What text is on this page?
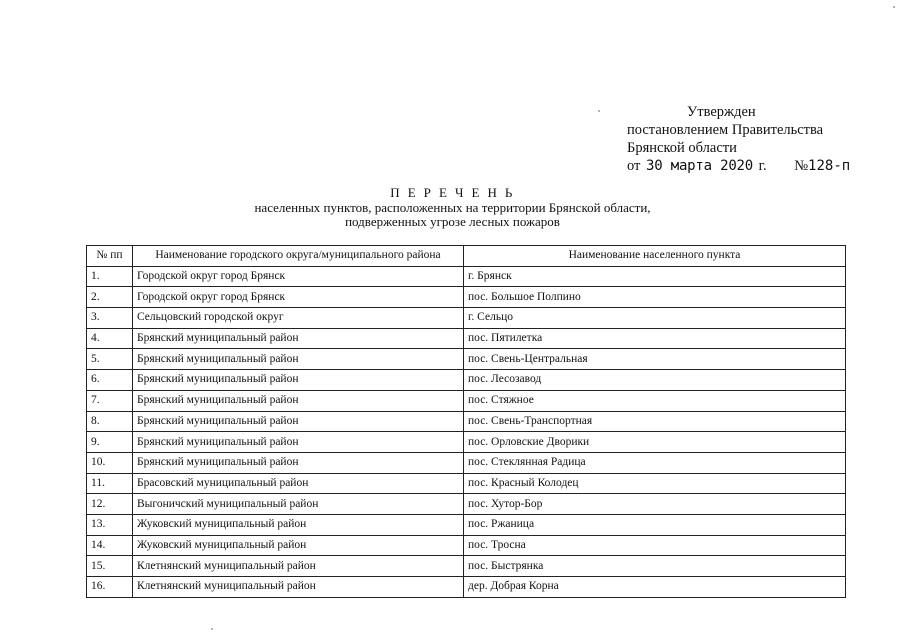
Утвержден
постановлением Правительства
Брянской области
от 30 марта 2020 г. №128-п
П Е Р Е Ч Е Н Ь
населенных пунктов, расположенных на территории Брянской области,
подверженных угрозе лесных пожаров
№ пп	Наименование городского округа/муниципального района	Наименование населенного пункта
1.	Городской округ город Брянск	г. Брянск
2.	Городской округ город Брянск	пос. Большое Полпино
3.	Сельцовский городской округ	г. Сельцо
4.	Брянский муниципальный район	пос. Пятилетка
5.	Брянский муниципальный район	пос. Свень-Центральная
6.	Брянский муниципальный район	пос. Лесозавод
7.	Брянский муниципальный район	пос. Стяжное
8.	Брянский муниципальный район	пос. Свень-Транспортная
9.	Брянский муниципальный район	пос. Орловские Дворики
10.	Брянский муниципальный район	пос. Стеклянная Радица
11.	Брасовский муниципальный район	пос. Красный Колодец
12.	Выгоничский муниципальный район	пос. Хутор-Бор
13.	Жуковский муниципальный район	пос. Ржаница
14.	Жуковский муниципальный район	пос. Тросна
15.	Клетнянский муниципальный район	пос. Быстрянка
16.	Клетнянский муниципальный район	дер. Добрая Корна
